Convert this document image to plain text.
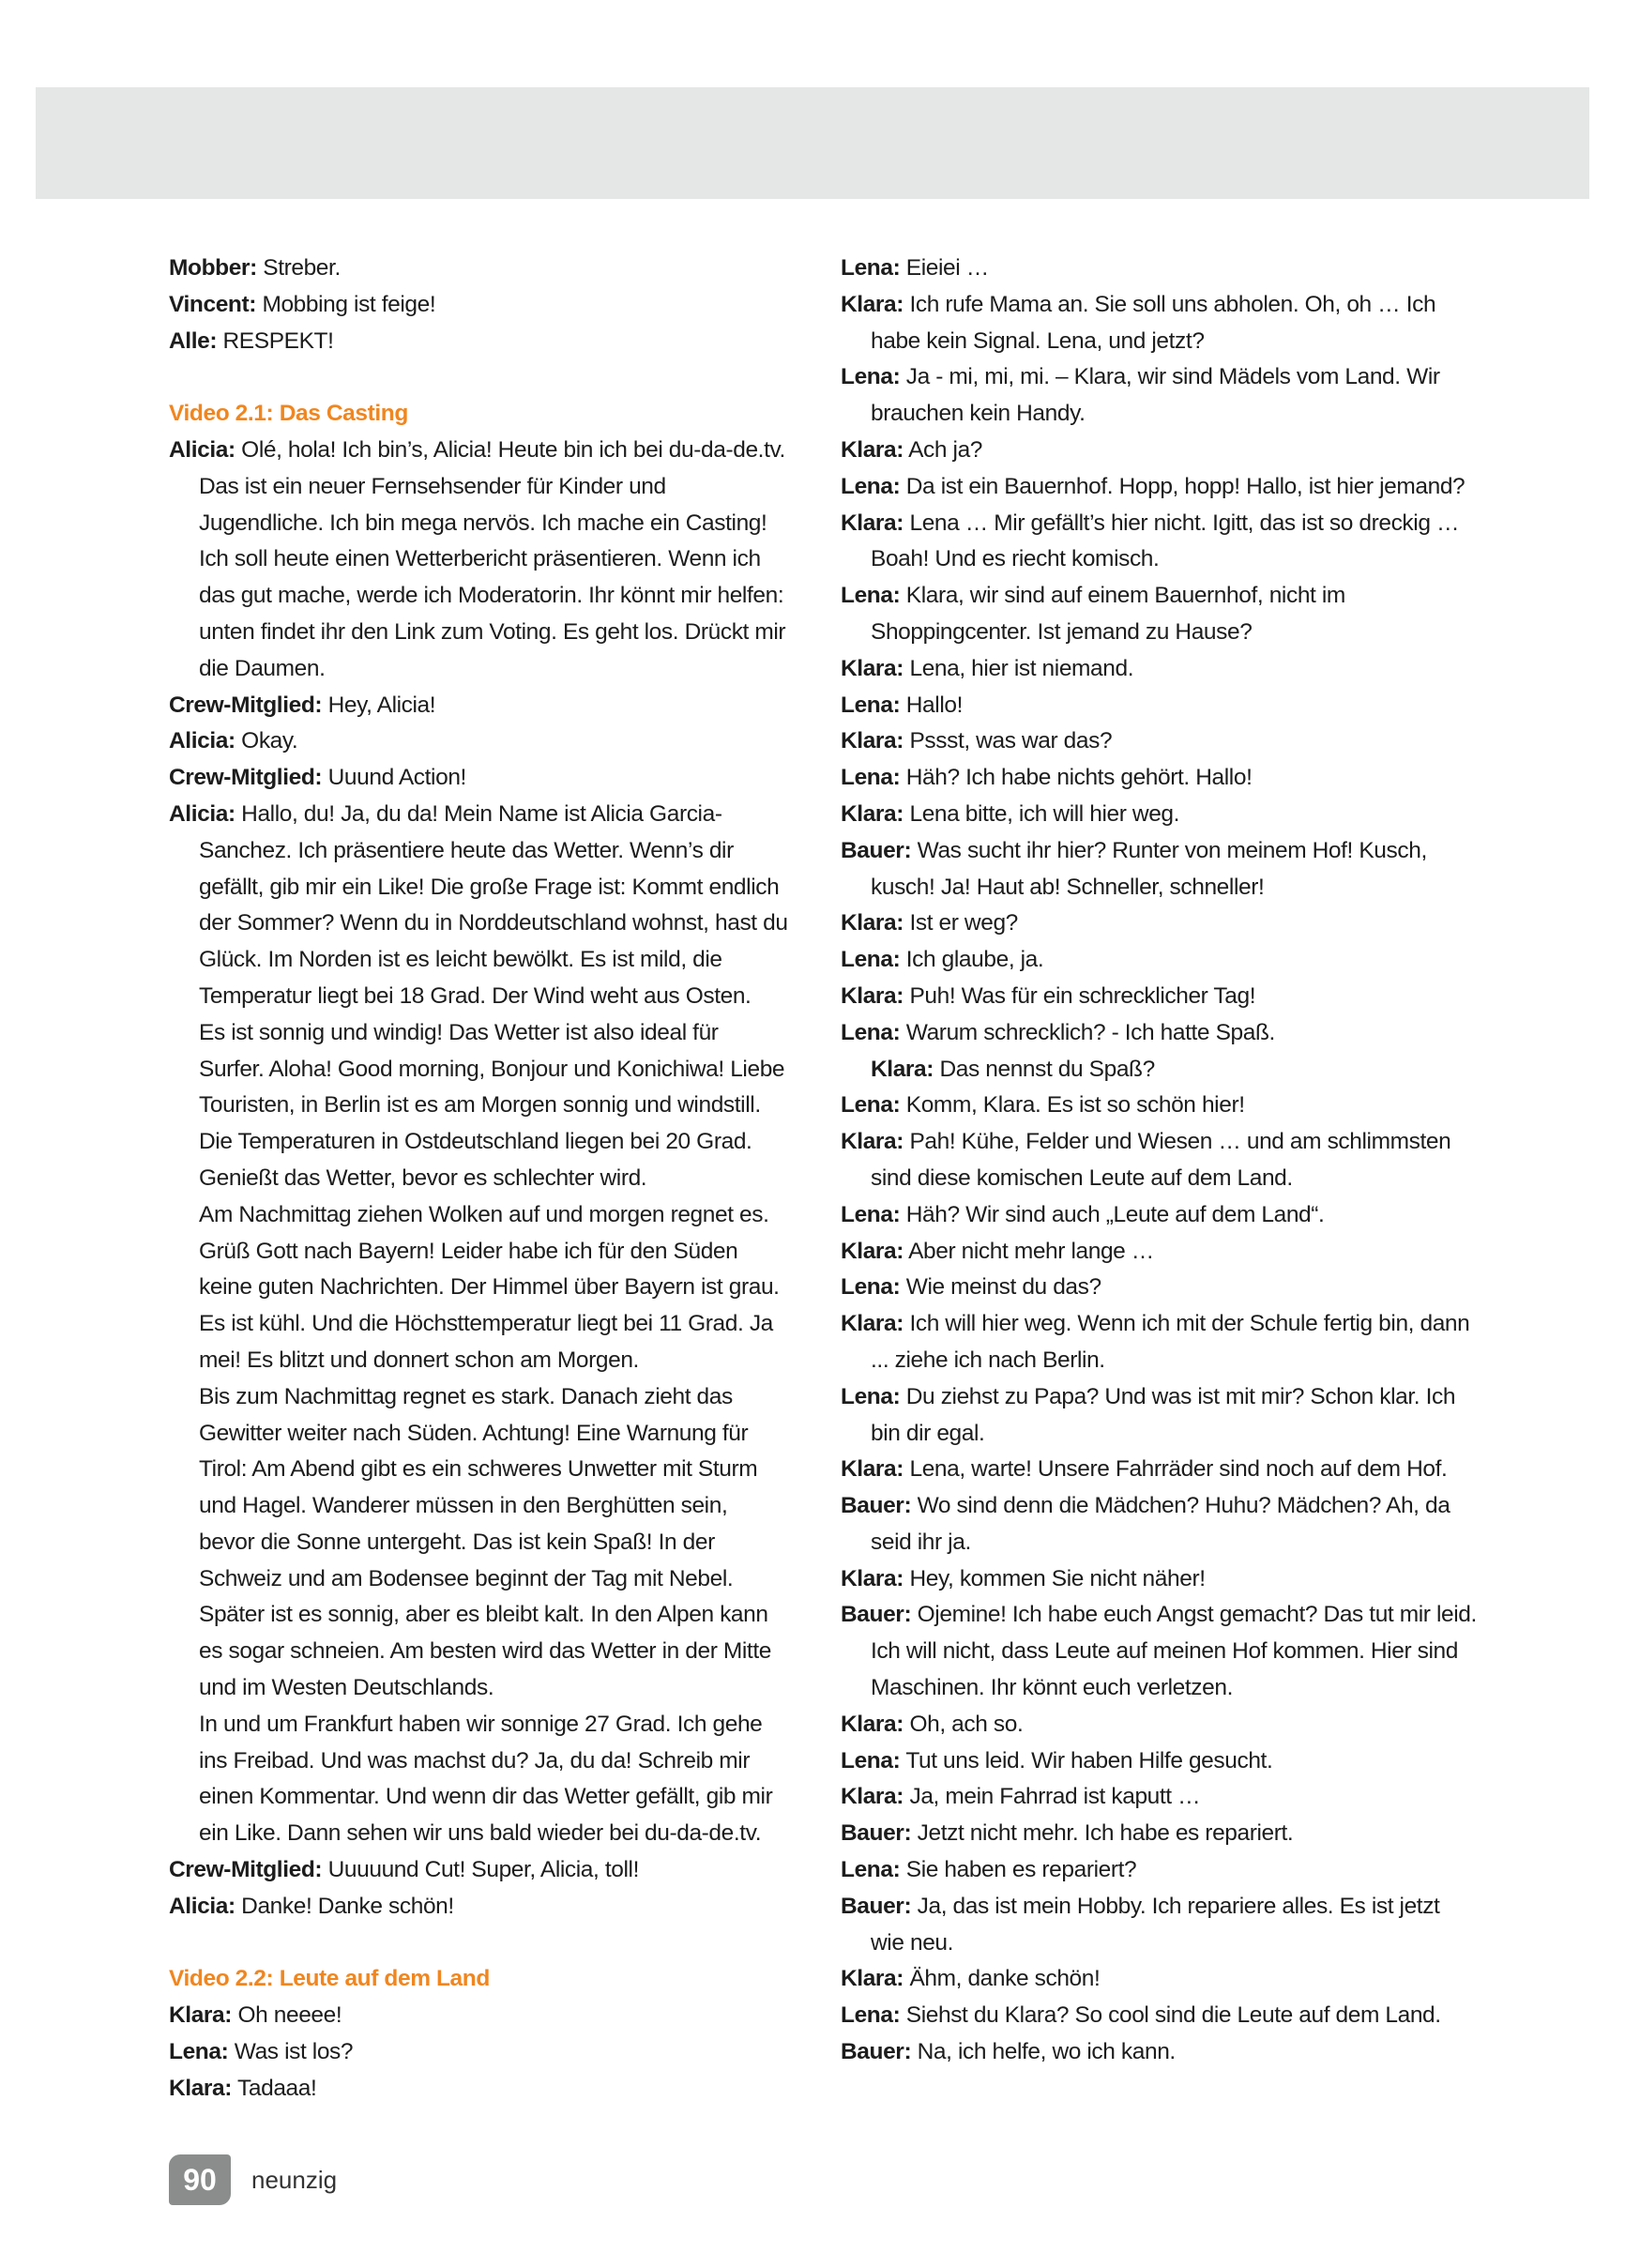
Mobber: Streber.

Vincent: Mobbing ist feige!

Alle: RESPEKT!

Video 2.1: Das Casting

Alicia: Olé, hola! Ich bin’s, Alicia! Heute bin ich bei du-da-de.tv. Das ist ein neuer Fernsehsender für Kinder und Jugendliche. Ich bin mega nervös. Ich mache ein Casting! Ich soll heute einen Wetterbericht präsentieren. Wenn ich das gut mache, werde ich Moderatorin. Ihr könnt mir helfen: unten findet ihr den Link zum Voting. Es geht los. Drückt mir die Daumen.

Crew-Mitglied: Hey, Alicia!

Alicia: Okay.

Crew-Mitglied: Uuund Action!

Alicia: Hallo, du! Ja, du da! Mein Name ist Alicia Garcia-Sanchez. Ich präsentiere heute das Wetter. Wenn’s dir gefällt, gib mir ein Like! Die große Frage ist: Kommt endlich der Sommer? Wenn du in Norddeutschland wohnst, hast du Glück. Im Norden ist es leicht bewölkt. Es ist mild, die Temperatur liegt bei 18 Grad. Der Wind weht aus Osten.

Es ist sonnig und windig! Das Wetter ist also ideal für Surfer. Aloha! Good morning, Bonjour und Konichiwa! Liebe Touristen, in Berlin ist es am Morgen sonnig und windstill. Die Temperaturen in Ostdeutschland liegen bei 20 Grad. Genießt das Wetter, bevor es schlechter wird.

Am Nachmittag ziehen Wolken auf und morgen regnet es. Grüß Gott nach Bayern! Leider habe ich für den Süden keine guten Nachrichten. Der Himmel über Bayern ist grau. Es ist kühl. Und die Höchsttemperatur liegt bei 11 Grad. Ja mei! Es blitzt und donnert schon am Morgen.

Bis zum Nachmittag regnet es stark. Danach zieht das Gewitter weiter nach Süden. Achtung! Eine Warnung für Tirol: Am Abend gibt es ein schweres Unwetter mit Sturm und Hagel. Wanderer müssen in den Berghütten sein, bevor die Sonne untergeht. Das ist kein Spaß! In der Schweiz und am Bodensee beginnt der Tag mit Nebel. Später ist es sonnig, aber es bleibt kalt. In den Alpen kann es sogar schneien. Am besten wird das Wetter in der Mitte und im Westen Deutschlands.

In und um Frankfurt haben wir sonnige 27 Grad. Ich gehe ins Freibad. Und was machst du? Ja, du da! Schreib mir einen Kommentar. Und wenn dir das Wetter gefällt, gib mir ein Like. Dann sehen wir uns bald wieder bei du-da-de.tv.

Crew-Mitglied: Uuuuund Cut! Super, Alicia, toll!

Alicia: Danke! Danke schön!

Video 2.2: Leute auf dem Land

Klara: Oh neeee!

Lena: Was ist los?

Klara: Tadaaa!

Lena: Eieiei …

Klara: Ich rufe Mama an. Sie soll uns abholen. Oh, oh … Ich habe kein Signal. Lena, und jetzt?

Lena: Ja - mi, mi, mi. – Klara, wir sind Mädels vom Land. Wir brauchen kein Handy.

Klara: Ach ja?

Lena: Da ist ein Bauernhof. Hopp, hopp! Hallo, ist hier jemand?

Klara: Lena … Mir gefällt’s hier nicht. Igitt, das ist so dreckig … Boah! Und es riecht komisch.

Lena: Klara, wir sind auf einem Bauernhof, nicht im Shoppingcenter. Ist jemand zu Hause?

Klara: Lena, hier ist niemand.

Lena: Hallo!

Klara: Pssst, was war das?

Lena: Häh? Ich habe nichts gehört. Hallo!

Klara: Lena bitte, ich will hier weg.

Bauer: Was sucht ihr hier? Runter von meinem Hof! Kusch, kusch! Ja! Haut ab! Schneller, schneller!

Klara: Ist er weg?

Lena: Ich glaube, ja.

Klara: Puh! Was für ein schrecklicher Tag!

Lena: Warum schrecklich? - Ich hatte Spaß.

Klara: Das nennst du Spaß?

Lena: Komm, Klara. Es ist so schön hier!

Klara: Pah! Kühe, Felder und Wiesen … und am schlimmsten sind diese komischen Leute auf dem Land.

Lena: Häh? Wir sind auch „Leute auf dem Land“.

Klara: Aber nicht mehr lange …

Lena: Wie meinst du das?

Klara: Ich will hier weg. Wenn ich mit der Schule fertig bin, dann ... ziehe ich nach Berlin.

Lena: Du ziehst zu Papa? Und was ist mit mir? Schon klar. Ich bin dir egal.

Klara: Lena, warte! Unsere Fahrräder sind noch auf dem Hof.

Bauer: Wo sind denn die Mädchen? Huhu? Mädchen? Ah, da seid ihr ja.

Klara: Hey, kommen Sie nicht näher!

Bauer: Ojemine! Ich habe euch Angst gemacht? Das tut mir leid. Ich will nicht, dass Leute auf meinen Hof kommen. Hier sind Maschinen. Ihr könnt euch verletzen.

Klara: Oh, ach so.

Lena: Tut uns leid. Wir haben Hilfe gesucht.

Klara: Ja, mein Fahrrad ist kaputt …

Bauer: Jetzt nicht mehr. Ich habe es repariert.

Lena: Sie haben es repariert?

Bauer: Ja, das ist mein Hobby. Ich repariere alles. Es ist jetzt wie neu.

Klara: Ähm, danke schön!

Lena: Siehst du Klara? So cool sind die Leute auf dem Land.

Bauer: Na, ich helfe, wo ich kann.

90	neunzig
